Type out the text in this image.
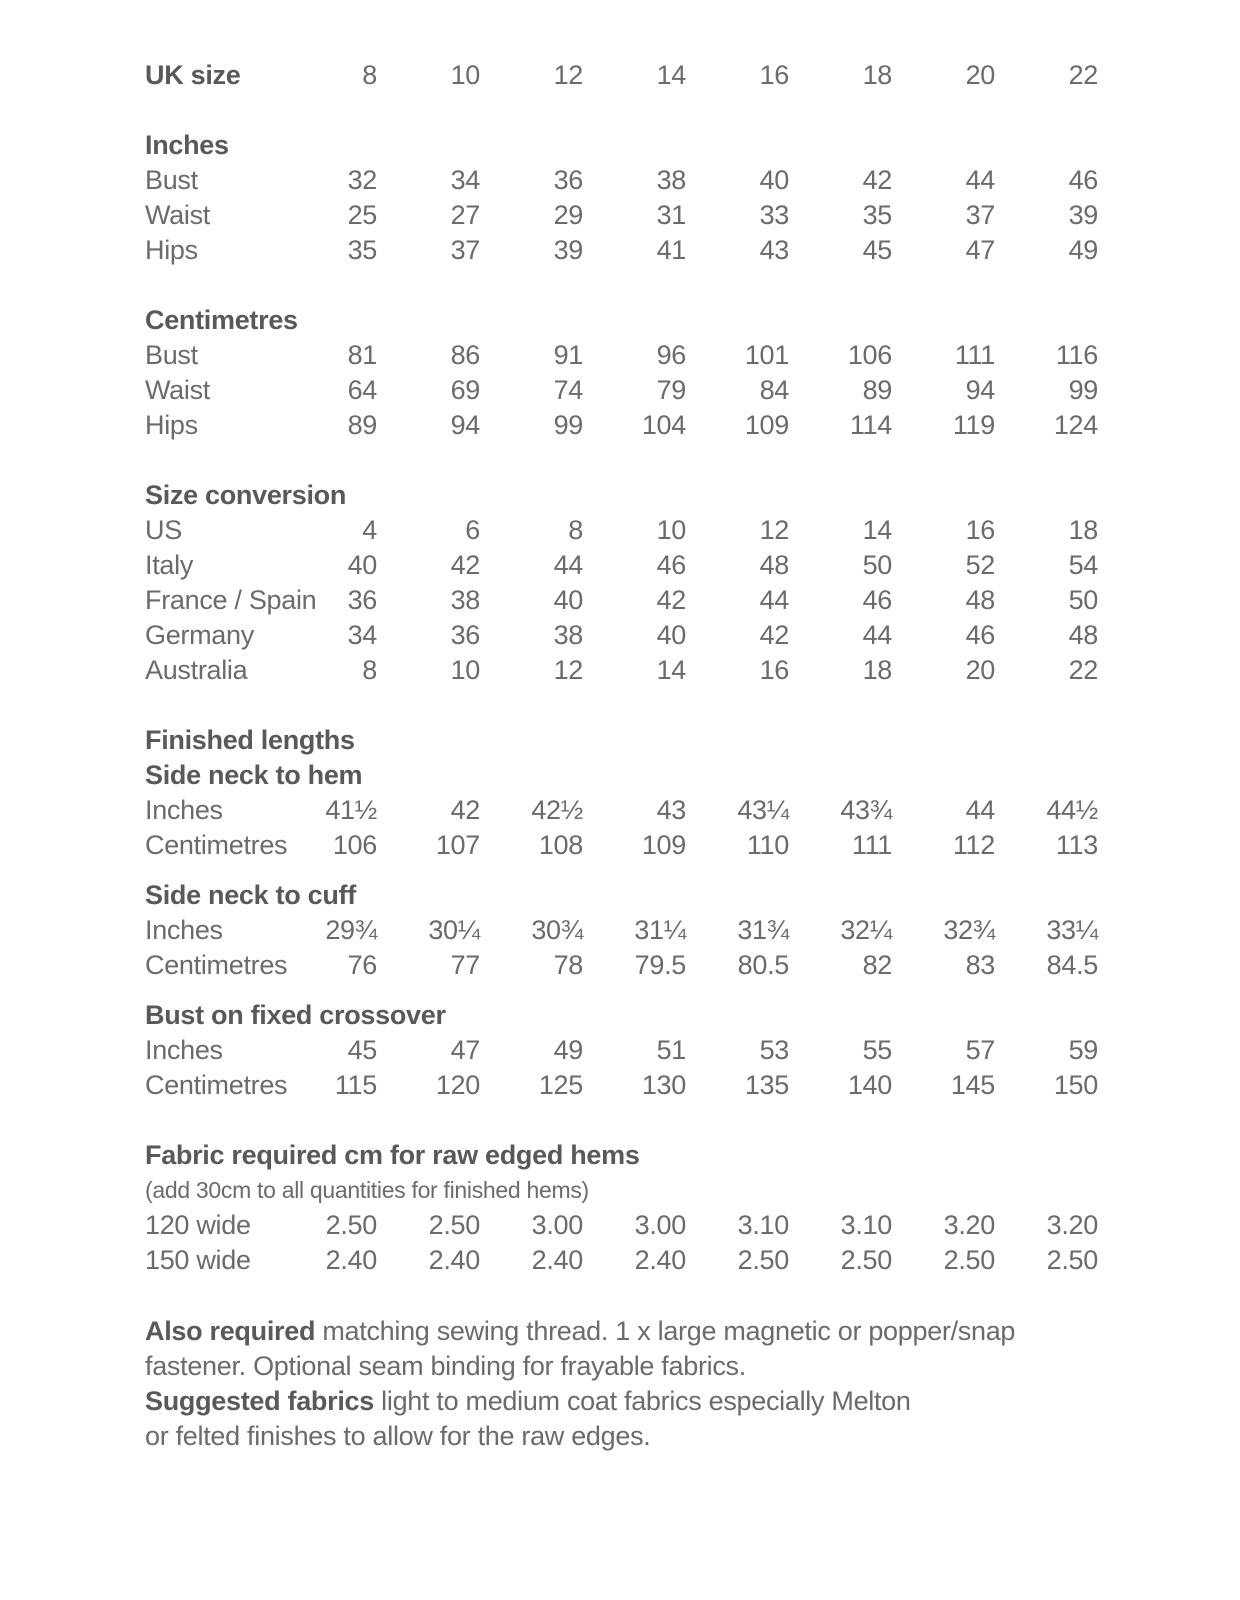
UK size	8	10	12	14	16	18	20	22
Inches
Bust	32	34	36	38	40	42	44	46
Waist	25	27	29	31	33	35	37	39
Hips	35	37	39	41	43	45	47	49
Centimetres
Bust	81	86	91	96	101	106	111	116
Waist	64	69	74	79	84	89	94	99
Hips	89	94	99	104	109	114	119	124
Size conversion
US	4	6	8	10	12	14	16	18
Italy	40	42	44	46	48	50	52	54
France / Spain	36	38	40	42	44	46	48	50
Germany	34	36	38	40	42	44	46	48
Australia	8	10	12	14	16	18	20	22
Finished lengths
Side neck to hem
Inches	41½	42	42½	43	43¼	43¾	44	44½
Centimetres	106	107	108	109	110	111	112	113
Side neck to cuff
Inches	29¾	30¼	30¾	31¼	31¾	32¼	32¾	33¼
Centimetres	76	77	78	79.5	80.5	82	83	84.5
Bust on fixed crossover
Inches	45	47	49	51	53	55	57	59
Centimetres	115	120	125	130	135	140	145	150
Fabric required cm for raw edged hems
(add 30cm to all quantities for finished hems)
120 wide	2.50	2.50	3.00	3.00	3.10	3.10	3.20	3.20
150 wide	2.40	2.40	2.40	2.40	2.50	2.50	2.50	2.50
Also required matching sewing thread. 1 x large magnetic or popper/snap
fastener. Optional seam binding for frayable fabrics.
Suggested fabrics light to medium coat fabrics especially Melton
or felted finishes to allow for the raw edges.
